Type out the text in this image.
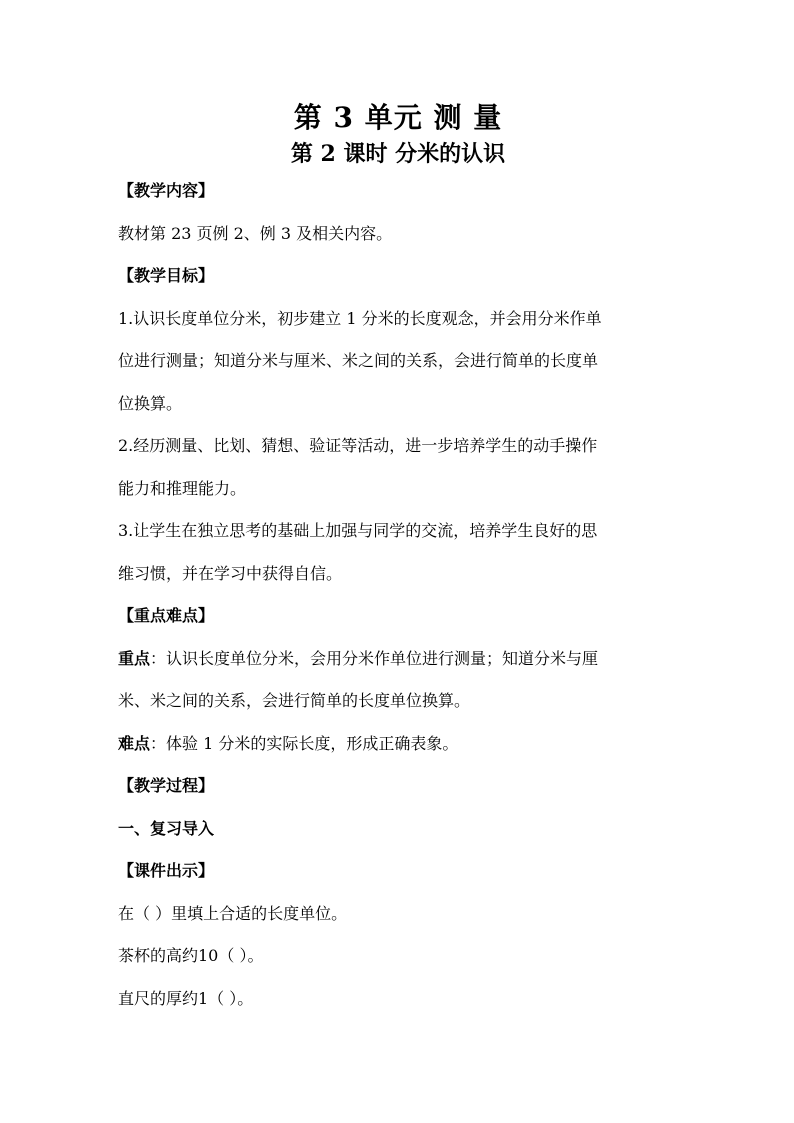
第 3 单元 测 量
第 2 课时 分米的认识
【教学内容】
教材第 23 页例 2、例 3 及相关内容。
【教学目标】
1.认识长度单位分米，初步建立 1 分米的长度观念，并会用分米作单
位进行测量；知道分米与厘米、米之间的关系，会进行简单的长度单
位换算。
2.经历测量、比划、猜想、验证等活动，进一步培养学生的动手操作
能力和推理能力。
3.让学生在独立思考的基础上加强与同学的交流，培养学生良好的思
维习惯，并在学习中获得自信。
【重点难点】
重点：认识长度单位分米，会用分米作单位进行测量；知道分米与厘
米、米之间的关系，会进行简单的长度单位换算。
难点：体验 1 分米的实际长度，形成正确表象。
【教学过程】
一、复习导入
【课件出示】
在（ ）里填上合适的长度单位。
茶杯的高约10（ ）。
直尺的厚约1（ ）。
